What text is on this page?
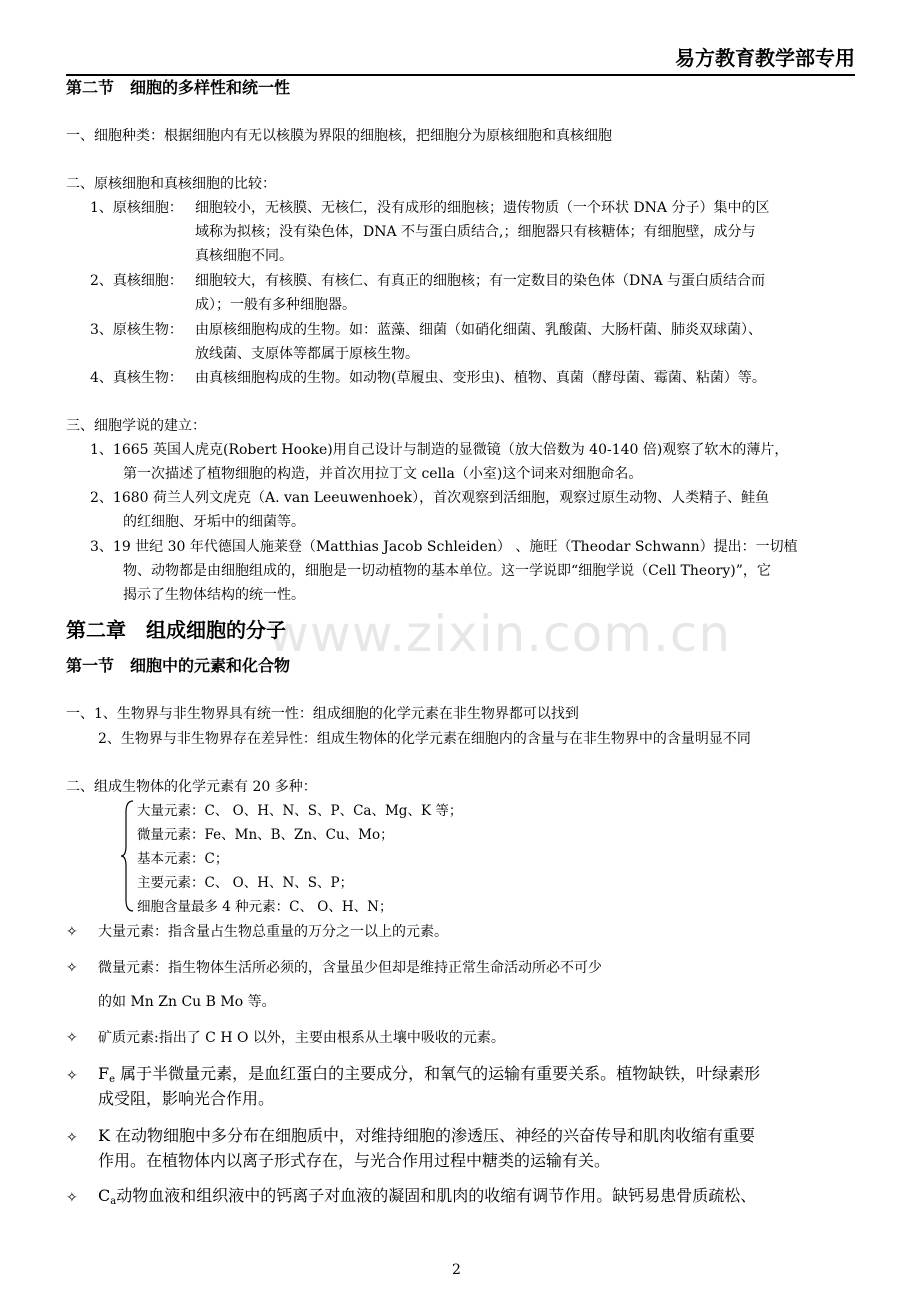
易方教育教学部专用
www.zixin.com.cn
第二节　细胞的多样性和统一性
一、细胞种类：根据细胞内有无以核膜为界限的细胞核，把细胞分为原核细胞和真核细胞
二、原核细胞和真核细胞的比较：
1、原核细胞： 细胞较小，无核膜、无核仁，没有成形的细胞核；遗传物质（一个环状 DNA 分子）集中的区
域称为拟核；没有染色体，DNA 不与蛋白质结合,；细胞器只有核糖体；有细胞壁，成分与
真核细胞不同。
2、真核细胞： 细胞较大，有核膜、有核仁、有真正的细胞核；有一定数目的染色体（DNA 与蛋白质结合而
成）；一般有多种细胞器。
3、原核生物： 由原核细胞构成的生物。如：蓝藻、细菌（如硝化细菌、乳酸菌、大肠杆菌、肺炎双球菌）、
放线菌、支原体等都属于原核生物。
4、真核生物： 由真核细胞构成的生物。如动物(草履虫、变形虫)、植物、真菌（酵母菌、霉菌、粘菌）等。
三、细胞学说的建立：
1、1665 英国人虎克(Robert Hooke)用自己设计与制造的显微镜（放大倍数为 40-140 倍)观察了软木的薄片，
第一次描述了植物细胞的构造，并首次用拉丁文 cella（小室)这个词来对细胞命名。
2、1680 荷兰人列文虎克（A. van Leeuwenhoek），首次观察到活细胞，观察过原生动物、人类精子、鲑鱼
的红细胞、牙垢中的细菌等。
3、19 世纪 30 年代德国人施莱登（Matthias Jacob Schleiden） 、施旺（Theodar Schwann）提出：一切植
物、动物都是由细胞组成的，细胞是一切动植物的基本单位。这一学说即“细胞学说（Cell Theory)”，它
揭示了生物体结构的统一性。
第二章　组成细胞的分子
第一节　细胞中的元素和化合物
一、1、生物界与非生物界具有统一性：组成细胞的化学元素在非生物界都可以找到
2、生物界与非生物界存在差异性：组成生物体的化学元素在细胞内的含量与在非生物界中的含量明显不同
二、组成生物体的化学元素有 20 多种：
大量元素：C、 O、H、N、S、P、Ca、Mg、K 等；
微量元素：Fe、Mn、B、Zn、Cu、Mo；
基本元素：C；
主要元素：C、 O、H、N、S、P；
细胞含量最多 4 种元素：C、 O、H、N；
✧ 大量元素：指含量占生物总重量的万分之一以上的元素。
✧ 微量元素：指生物体生活所必须的，含量虽少但却是维持正常生命活动所必不可少
的如 Mn Zn Cu B Mo 等。
✧ 矿质元素:指出了 C H O 以外，主要由根系从土壤中吸收的元素。
✧ $F_e$ 属于半微量元素，是血红蛋白的主要成分，和氧气的运输有重要关系。植物缺铁，叶绿素形
成受阻，影响光合作用。
✧ K 在动物细胞中多分布在细胞质中，对维持细胞的渗透压、神经的兴奋传导和肌肉收缩有重要
作用。在植物体内以离子形式存在，与光合作用过程中糖类的运输有关。
✧ $C_a$动物血液和组织液中的钙离子对血液的凝固和肌肉的收缩有调节作用。缺钙易患骨质疏松、
2
